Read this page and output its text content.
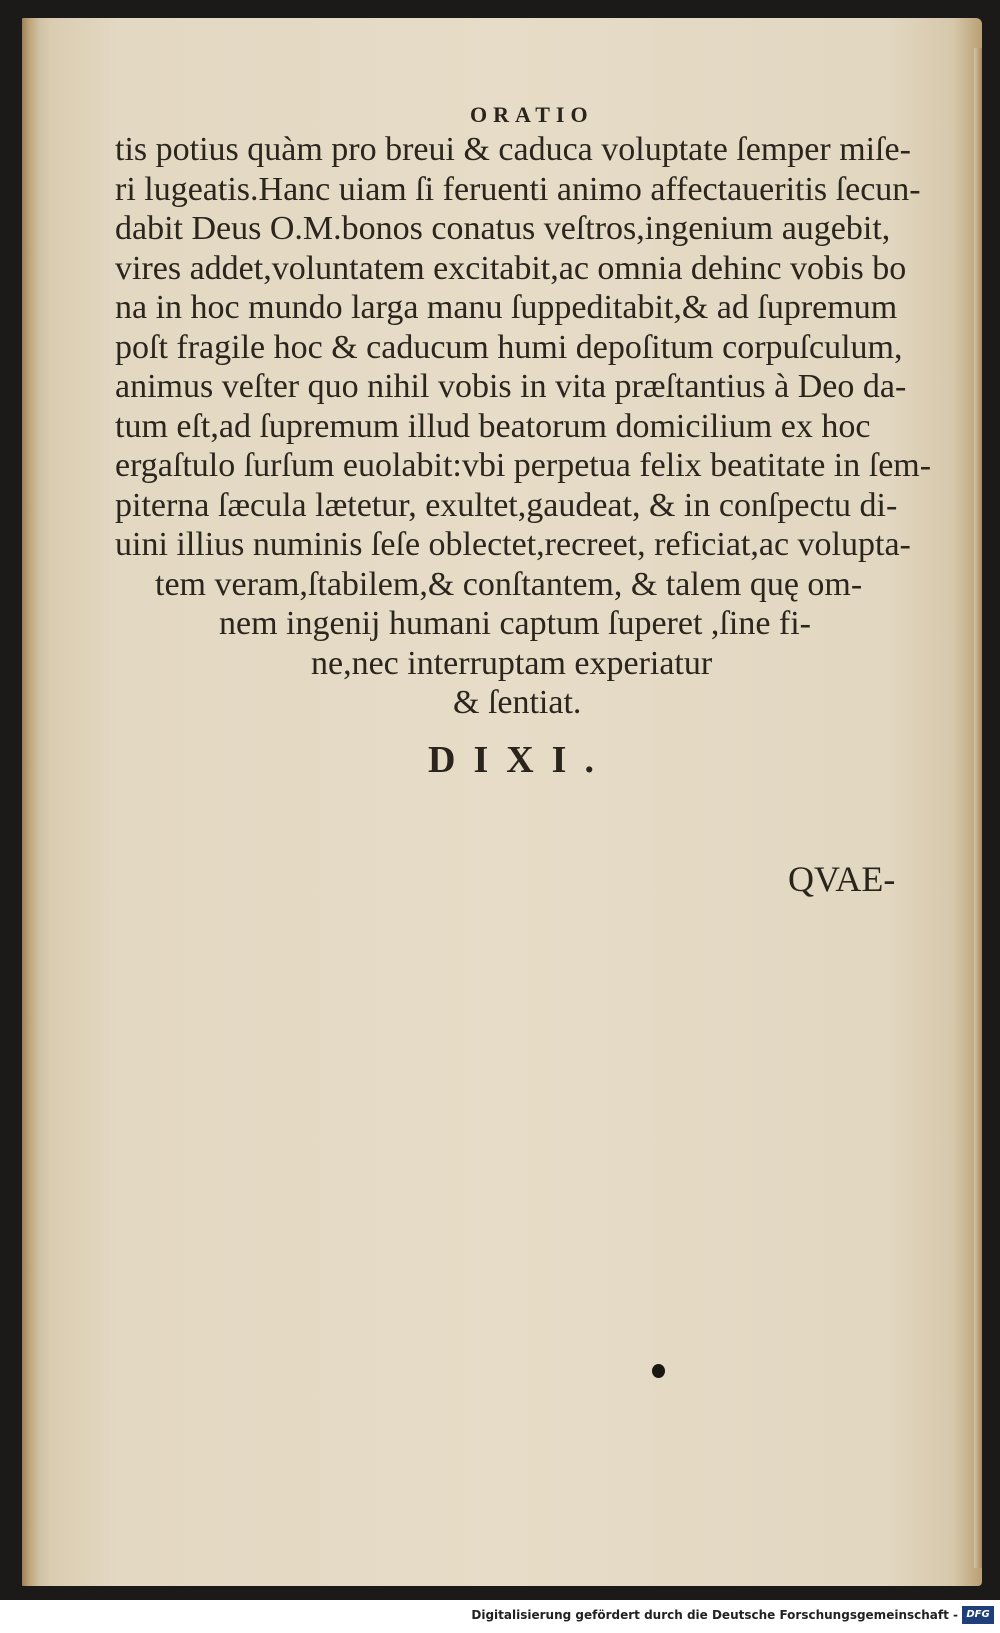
ORATIO
tis potius quàm pro breui & caduca voluptate ſemper miſe-
ri lugeatis.Hanc uiam ſi feruenti animo affectaueritis ſecun-
dabit Deus O.M.bonos conatus veſtros,ingenium augebit,
vires addet,voluntatem excitabit,ac omnia dehinc vobis bo
na in hoc mundo larga manu ſuppeditabit,& ad ſupremum
poſt fragile hoc & caducum humi depoſitum corpuſculum,
animus veſter quo nihil vobis in vita præſtantius à Deo da-
tum eſt,ad ſupremum illud beatorum domicilium ex hoc
ergaſtulo ſurſum euolabit:vbi perpetua felix beatitate in ſem-
piterna ſæcula lætetur, exultet,gaudeat, & in conſpectu di-
uini illius numinis ſeſe oblectet,recreet, reficiat,ac volupta-
tem veram,ſtabilem,& conſtantem, & talem quę om-
nem ingenij humani captum ſuperet ,ſine fi-
ne,nec interruptam experiatur
& ſentiat.
DIXI.
QVAE-
Digitalisierung gefördert durch die Deutsche Forschungsgemeinschaft - DFG
